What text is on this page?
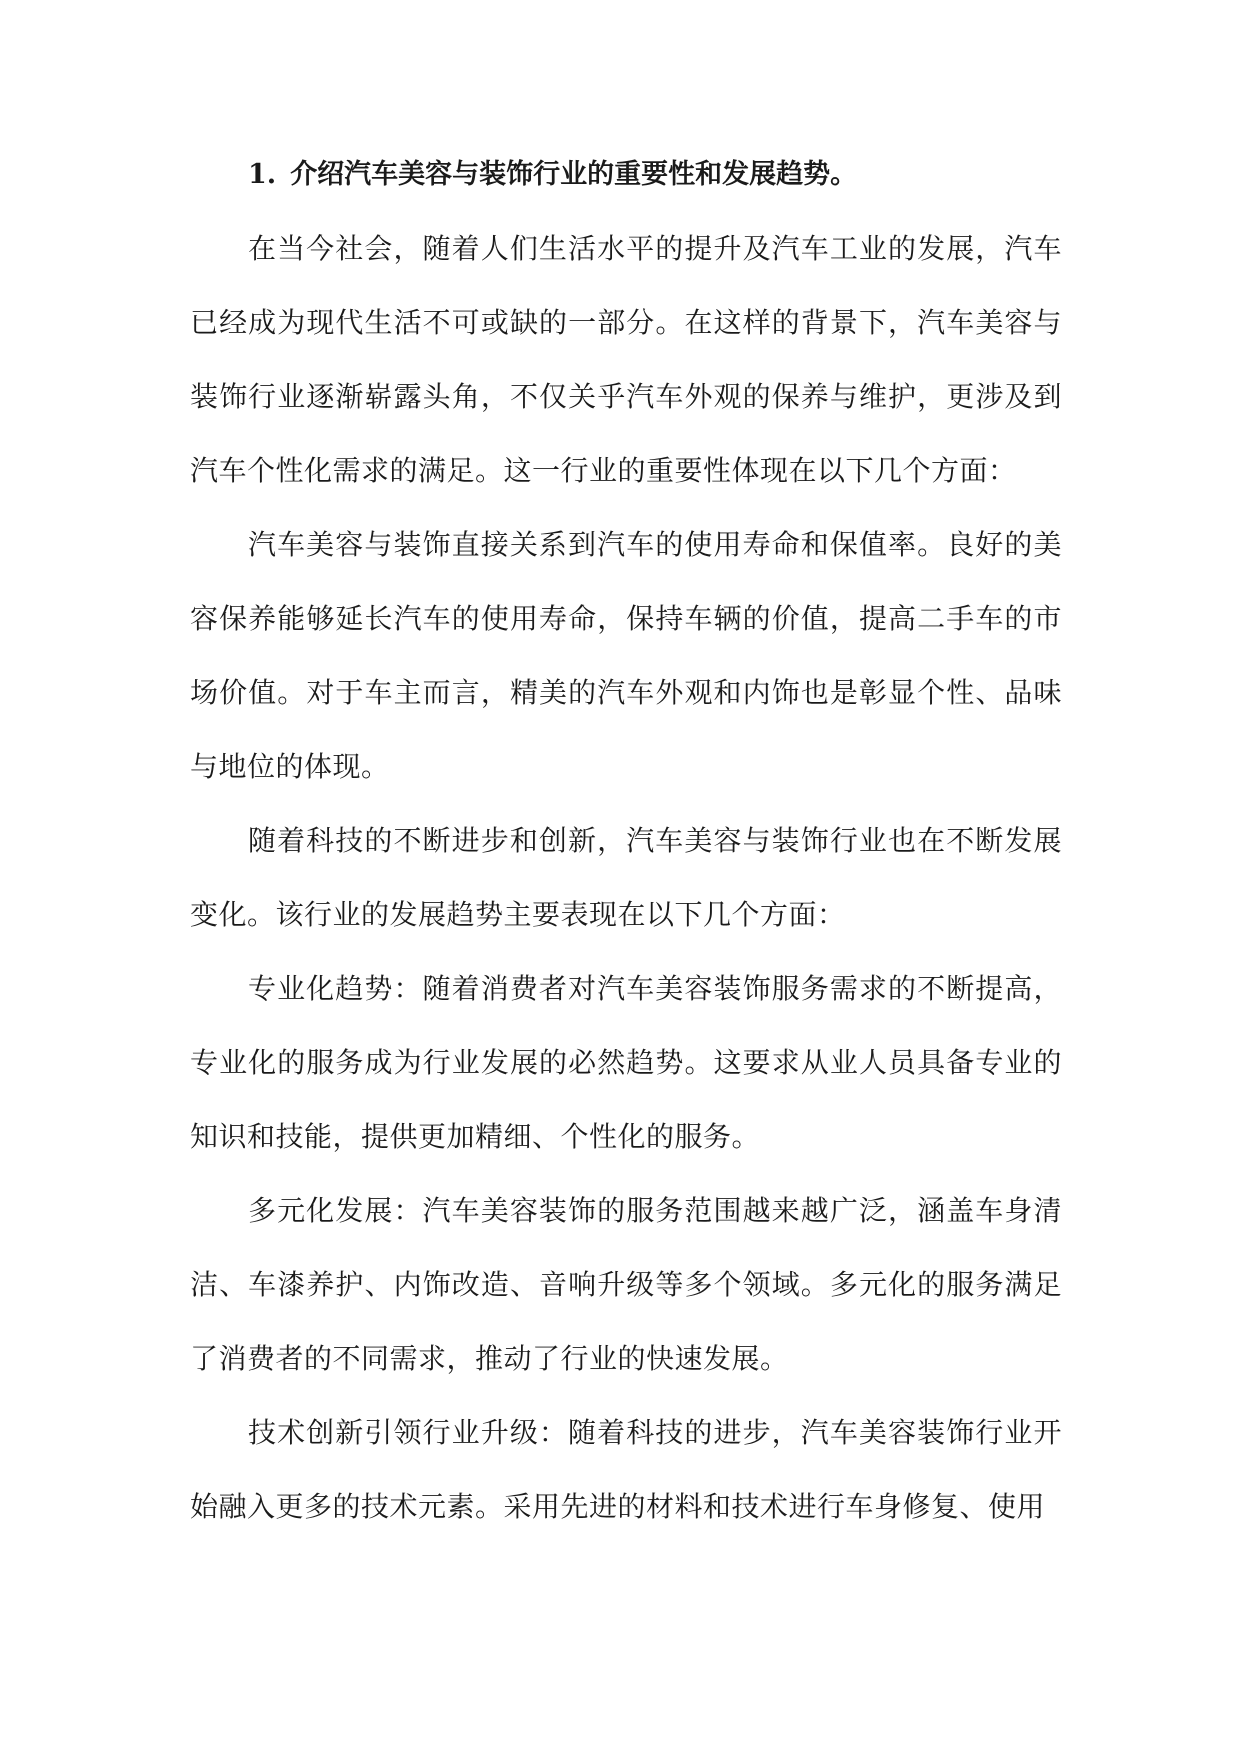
1. 介绍汽车美容与装饰行业的重要性和发展趋势。

在当今社会，随着人们生活水平的提升及汽车工业的发展，汽车已经成为现代生活不可或缺的一部分。在这样的背景下，汽车美容与装饰行业逐渐崭露头角，不仅关乎汽车外观的保养与维护，更涉及到汽车个性化需求的满足。这一行业的重要性体现在以下几个方面：

汽车美容与装饰直接关系到汽车的使用寿命和保值率。良好的美容保养能够延长汽车的使用寿命，保持车辆的价值，提高二手车的市场价值。对于车主而言，精美的汽车外观和内饰也是彰显个性、品味与地位的体现。

随着科技的不断进步和创新，汽车美容与装饰行业也在不断发展变化。该行业的发展趋势主要表现在以下几个方面：

专业化趋势：随着消费者对汽车美容装饰服务需求的不断提高，专业化的服务成为行业发展的必然趋势。这要求从业人员具备专业的知识和技能，提供更加精细、个性化的服务。

多元化发展：汽车美容装饰的服务范围越来越广泛，涵盖车身清洁、车漆养护、内饰改造、音响升级等多个领域。多元化的服务满足了消费者的不同需求，推动了行业的快速发展。

技术创新引领行业升级：随着科技的进步，汽车美容装饰行业开始融入更多的技术元素。采用先进的材料和技术进行车身修复、使用
